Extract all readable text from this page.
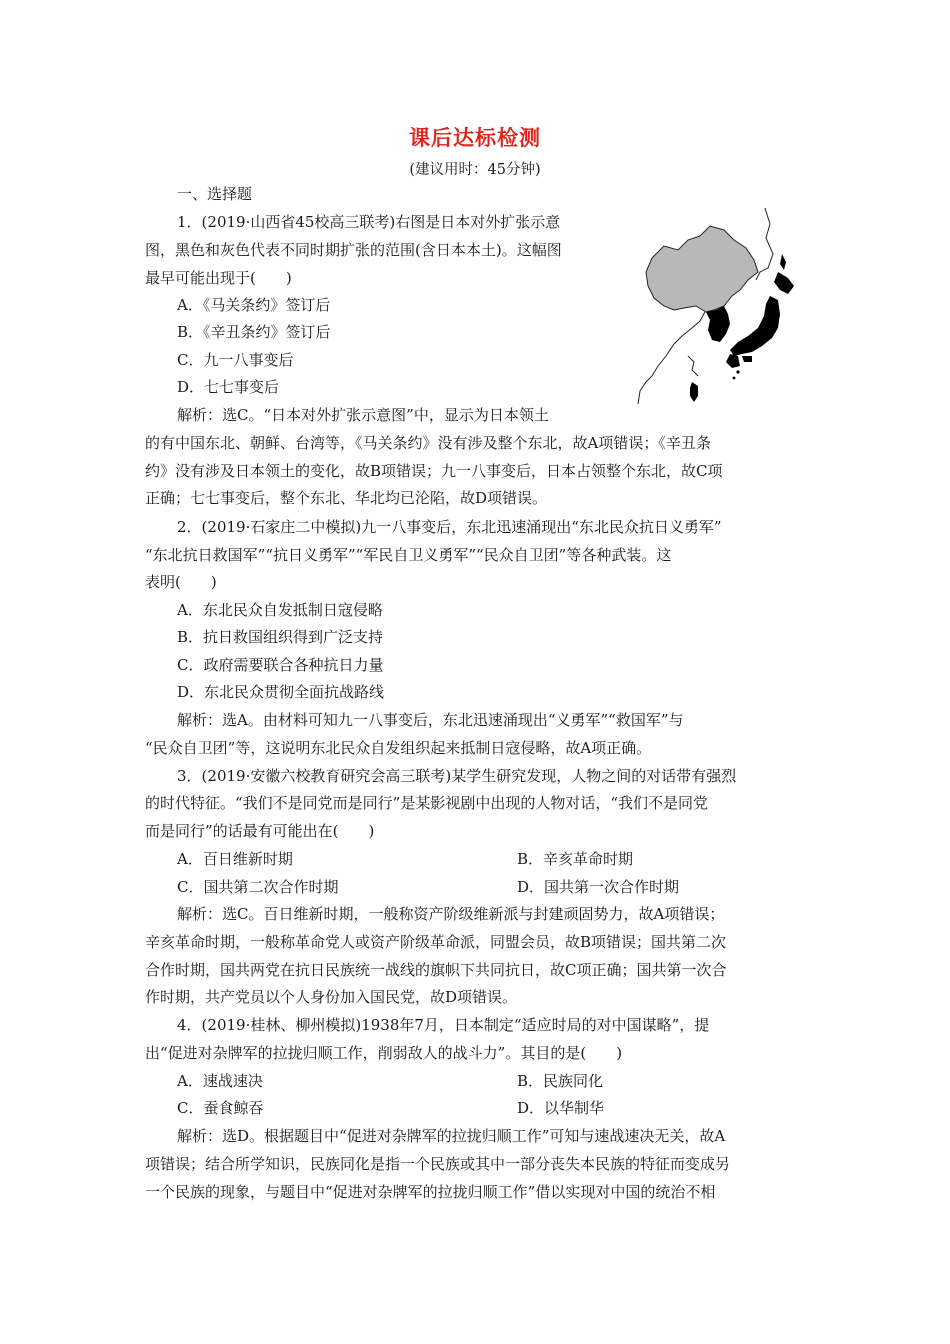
课后达标检测
(建议用时：45分钟)
一、选择题
1．(2019·山西省45校高三联考)右图是日本对外扩张示意
图，黑色和灰色代表不同时期扩张的范围(含日本本土)。这幅图
最早可能出现于(　　)
A．《马关条约》签订后
B．《辛丑条约》签订后
C．九一八事变后
D．七七事变后
解析：选C。“日本对外扩张示意图”中，显示为日本领土
的有中国东北、朝鲜、台湾等，《马关条约》没有涉及整个东北，故A项错误；《辛丑条
约》没有涉及日本领土的变化，故B项错误；九一八事变后，日本占领整个东北，故C项
正确；七七事变后，整个东北、华北均已沦陷，故D项错误。
2．(2019·石家庄二中模拟)九一八事变后，东北迅速涌现出“东北民众抗日义勇军”
“东北抗日救国军”“抗日义勇军”“军民自卫义勇军”“民众自卫团”等各种武装。这
表明(　　)
A．东北民众自发抵制日寇侵略
B．抗日救国组织得到广泛支持
C．政府需要联合各种抗日力量
D．东北民众贯彻全面抗战路线
解析：选A。由材料可知九一八事变后，东北迅速涌现出“义勇军”“救国军”与
“民众自卫团”等，这说明东北民众自发组织起来抵制日寇侵略，故A项正确。
3．(2019·安徽六校教育研究会高三联考)某学生研究发现，人物之间的对话带有强烈
的时代特征。“我们不是同党而是同行”是某影视剧中出现的人物对话，“我们不是同党
而是同行”的话最有可能出在(　　)
A．百日维新时期	B．辛亥革命时期
C．国共第二次合作时期	D．国共第一次合作时期
解析：选C。百日维新时期，一般称资产阶级维新派与封建顽固势力，故A项错误；
辛亥革命时期，一般称革命党人或资产阶级革命派，同盟会员，故B项错误；国共第二次
合作时期，国共两党在抗日民族统一战线的旗帜下共同抗日，故C项正确；国共第一次合
作时期，共产党员以个人身份加入国民党，故D项错误。
4．(2019·桂林、柳州模拟)1938年7月，日本制定“适应时局的对中国谋略”，提
出“促进对杂牌军的拉拢归顺工作，削弱敌人的战斗力”。其目的是(　　)
A．速战速决	B．民族同化
C．蚕食鲸吞	D．以华制华
解析：选D。根据题目中“促进对杂牌军的拉拢归顺工作”可知与速战速决无关，故A
项错误；结合所学知识，民族同化是指一个民族或其中一部分丧失本民族的特征而变成另
一个民族的现象，与题目中“促进对杂牌军的拉拢归顺工作”借以实现对中国的统治不相
